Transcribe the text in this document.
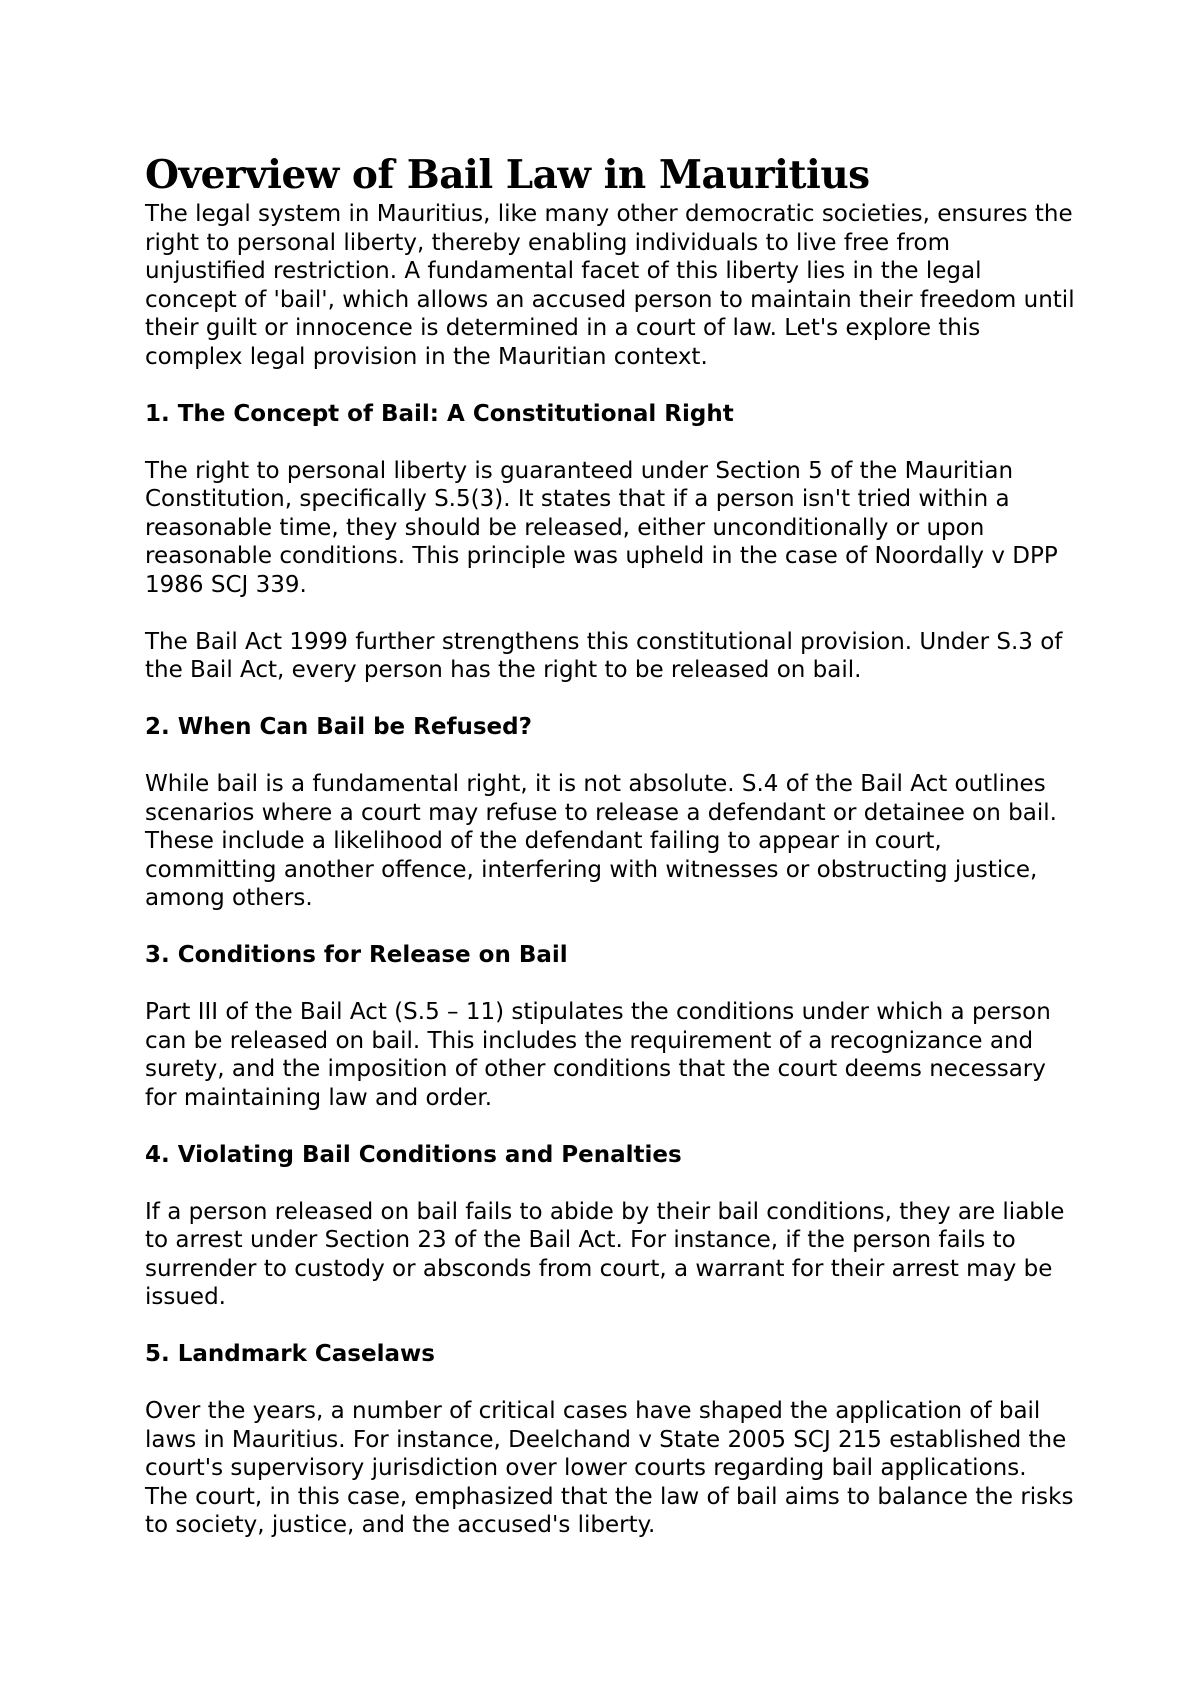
Overview of Bail Law in Mauritius

The legal system in Mauritius, like many other democratic societies, ensures the right to personal liberty, thereby enabling individuals to live free from unjustified restriction. A fundamental facet of this liberty lies in the legal concept of 'bail', which allows an accused person to maintain their freedom until their guilt or innocence is determined in a court of law. Let's explore this complex legal provision in the Mauritian context.

1. The Concept of Bail: A Constitutional Right

The right to personal liberty is guaranteed under Section 5 of the Mauritian Constitution, specifically S.5(3). It states that if a person isn't tried within a reasonable time, they should be released, either unconditionally or upon reasonable conditions. This principle was upheld in the case of Noordally v DPP 1986 SCJ 339.

The Bail Act 1999 further strengthens this constitutional provision. Under S.3 of the Bail Act, every person has the right to be released on bail.

2. When Can Bail be Refused?

While bail is a fundamental right, it is not absolute. S.4 of the Bail Act outlines scenarios where a court may refuse to release a defendant or detainee on bail. These include a likelihood of the defendant failing to appear in court, committing another offence, interfering with witnesses or obstructing justice, among others.

3. Conditions for Release on Bail

Part III of the Bail Act (S.5 – 11) stipulates the conditions under which a person can be released on bail. This includes the requirement of a recognizance and surety, and the imposition of other conditions that the court deems necessary for maintaining law and order.

4. Violating Bail Conditions and Penalties

If a person released on bail fails to abide by their bail conditions, they are liable to arrest under Section 23 of the Bail Act. For instance, if the person fails to surrender to custody or absconds from court, a warrant for their arrest may be issued.

5. Landmark Caselaws

Over the years, a number of critical cases have shaped the application of bail laws in Mauritius. For instance, Deelchand v State 2005 SCJ 215 established the court's supervisory jurisdiction over lower courts regarding bail applications. The court, in this case, emphasized that the law of bail aims to balance the risks to society, justice, and the accused's liberty.
